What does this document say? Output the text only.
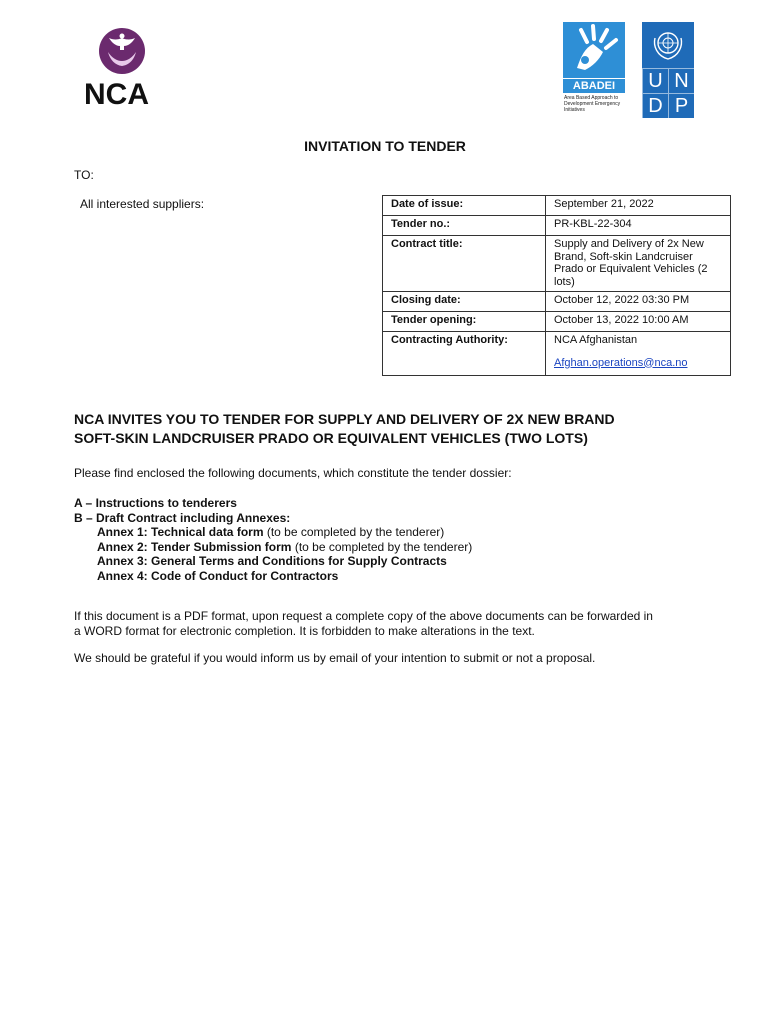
NCA	ABADEI
Area Based Approach to Development Emergency Initiatives
U N
D P
INVITATION TO TENDER
TO:
All interested suppliers:	Date of issue:	September 21, 2022
Tender no.:	PR-KBL-22-304
Contract title:	Supply and Delivery of 2x New Brand, Soft-skin Landcruiser Prado or Equivalent Vehicles (2 lots)
Closing date:	October 12, 2022 03:30 PM
Tender opening:	October 13, 2022 10:00 AM
Contracting Authority:	NCA Afghanistan
Afghan.operations@nca.no
NCA INVITES YOU TO TENDER FOR SUPPLY AND DELIVERY OF 2X NEW BRAND
SOFT-SKIN LANDCRUISER PRADO OR EQUIVALENT VEHICLES (TWO LOTS)
Please find enclosed the following documents, which constitute the tender dossier:
A – Instructions to tenderers
B – Draft Contract including Annexes:
Annex 1: Technical data form (to be completed by the tenderer)
Annex 2: Tender Submission form (to be completed by the tenderer)
Annex 3: General Terms and Conditions for Supply Contracts
Annex 4: Code of Conduct for Contractors
If this document is a PDF format, upon request a complete copy of the above documents can be forwarded in
a WORD format for electronic completion. It is forbidden to make alterations in the text.
We should be grateful if you would inform us by email of your intention to submit or not a proposal.
